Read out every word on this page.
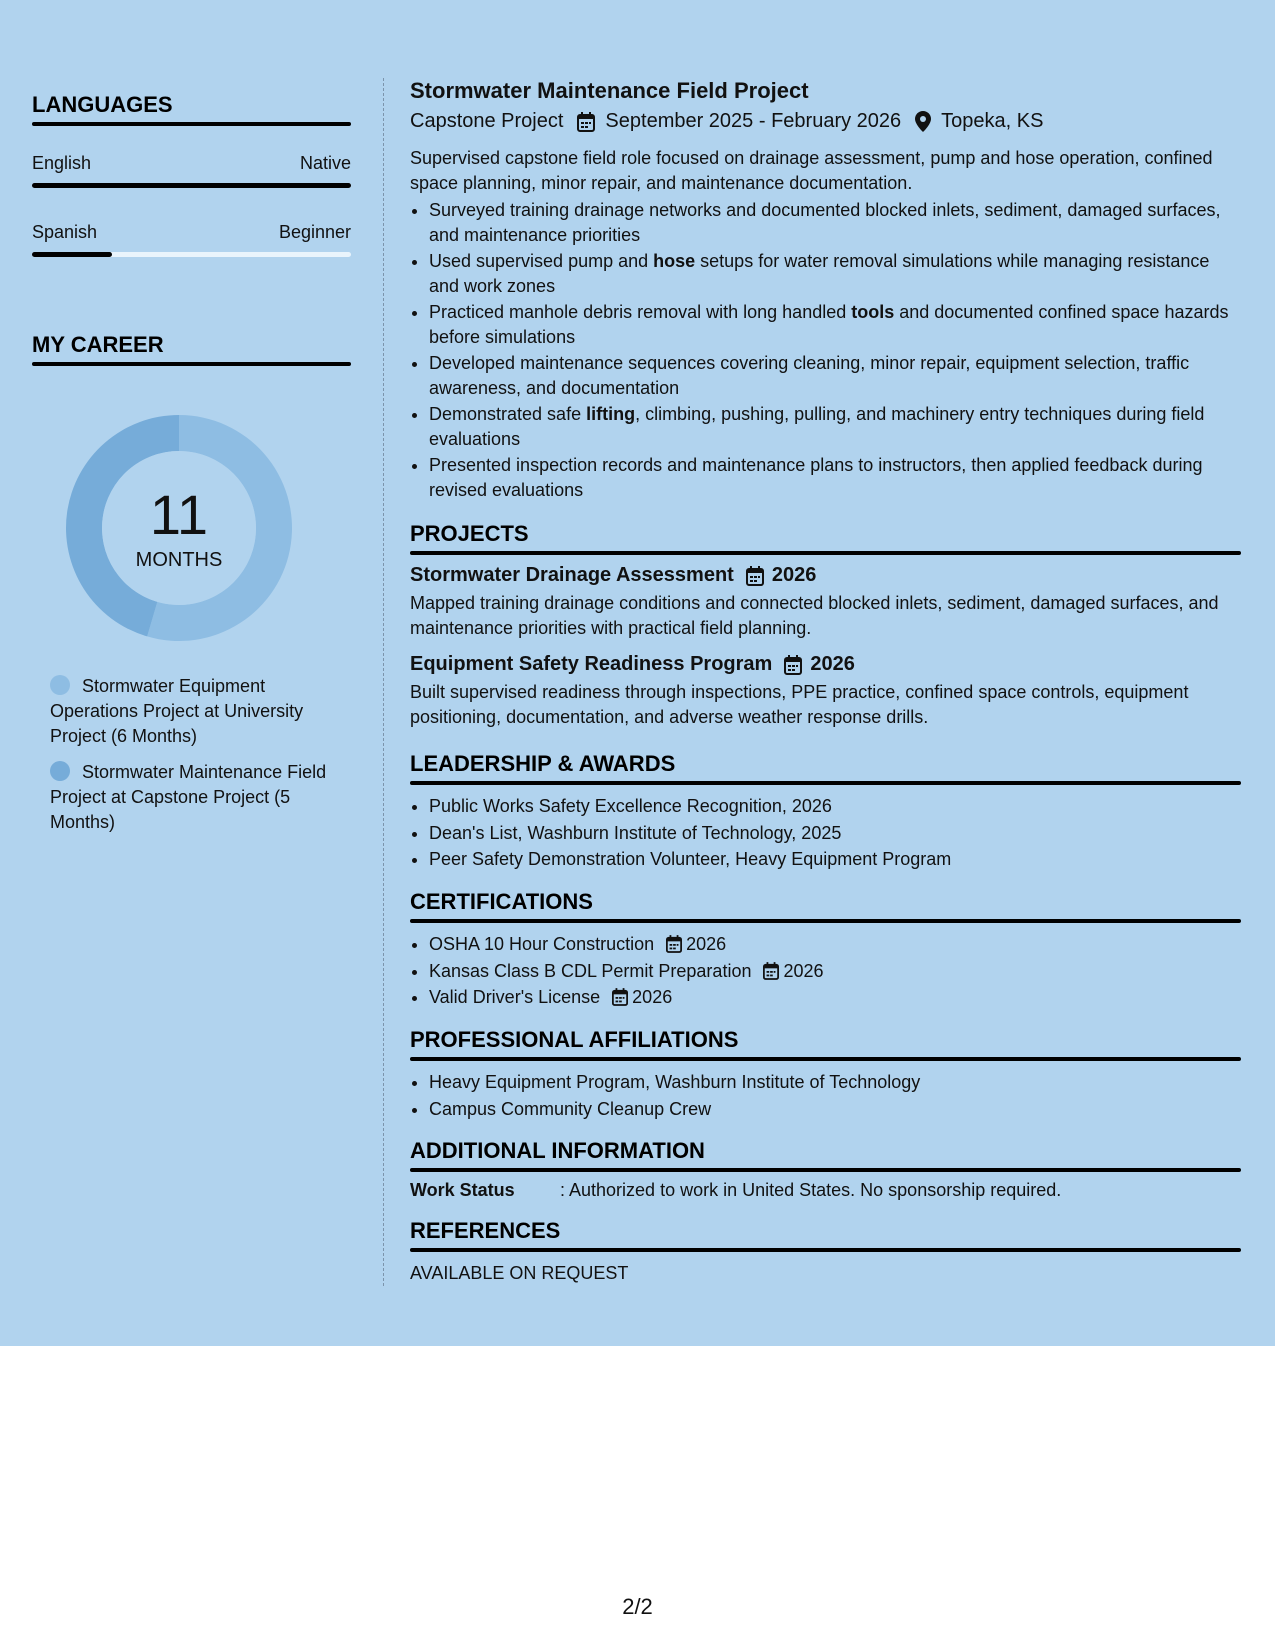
LANGUAGES
English	Native
Spanish	Beginner
MY CAREER
11
MONTHS
Stormwater Equipment Operations Project at University Project (6 Months)
Stormwater Maintenance Field Project at Capstone Project (5 Months)
Stormwater Maintenance Field Project
Capstone Project September 2025 - February 2026 Topeka, KS

Supervised capstone field role focused on drainage assessment, pump and hose operation, confined space planning, minor repair, and maintenance documentation.

• Surveyed training drainage networks and documented blocked inlets, sediment, damaged surfaces, and maintenance priorities
• Used supervised pump and hose setups for water removal simulations while managing resistance and work zones
• Practiced manhole debris removal with long handled tools and documented confined space hazards before simulations
• Developed maintenance sequences covering cleaning, minor repair, equipment selection, traffic awareness, and documentation
• Demonstrated safe lifting, climbing, pushing, pulling, and machinery entry techniques during field evaluations
• Presented inspection records and maintenance plans to instructors, then applied feedback during revised evaluations
PROJECTS
Stormwater Drainage Assessment 2026

Mapped training drainage conditions and connected blocked inlets, sediment, damaged surfaces, and maintenance priorities with practical field planning.

Equipment Safety Readiness Program 2026

Built supervised readiness through inspections, PPE practice, confined space controls, equipment positioning, documentation, and adverse weather response drills.

LEADERSHIP & AWARDS
• Public Works Safety Excellence Recognition, 2026
• Dean's List, Washburn Institute of Technology, 2025
• Peer Safety Demonstration Volunteer, Heavy Equipment Program
CERTIFICATIONS
• OSHA 10 Hour Construction 2026
• Kansas Class B CDL Permit Preparation 2026
• Valid Driver's License 2026
PROFESSIONAL AFFILIATIONS
• Heavy Equipment Program, Washburn Institute of Technology
• Campus Community Cleanup Crew
ADDITIONAL INFORMATION
Work Status	: Authorized to work in United States. No sponsorship required.
REFERENCES
AVAILABLE ON REQUEST
2/2
